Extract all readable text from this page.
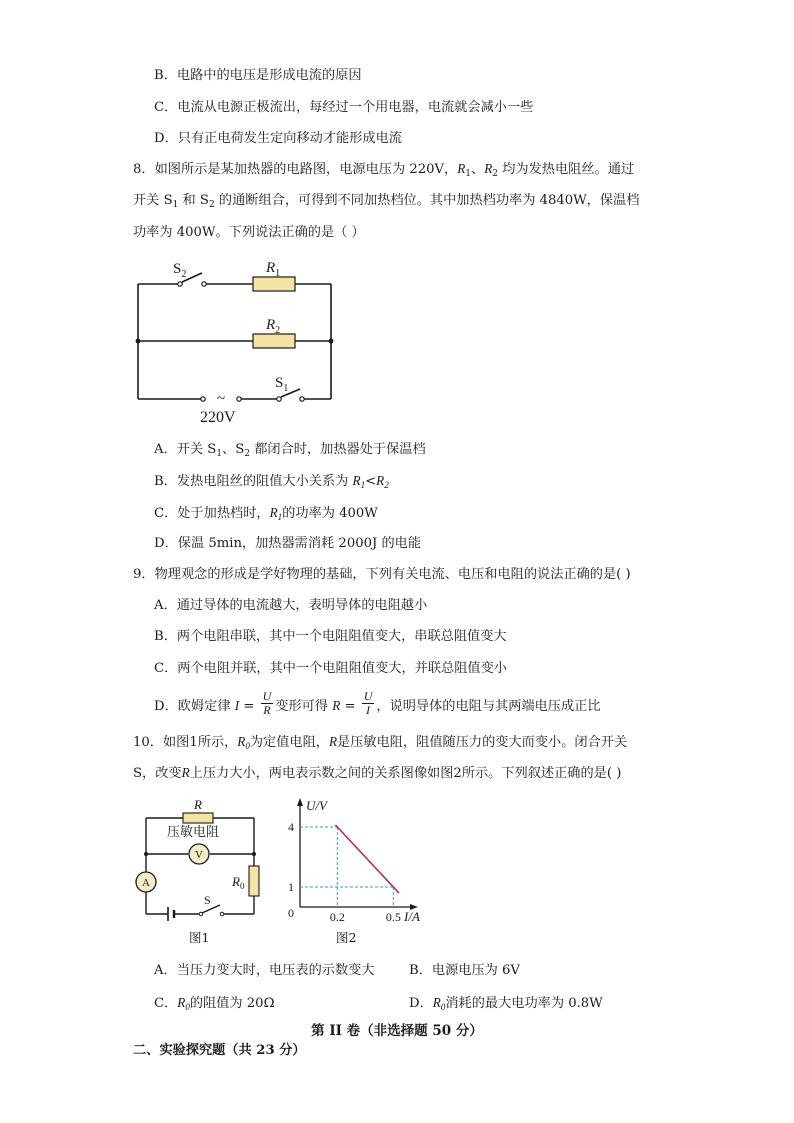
B．电路中的电压是形成电流的原因
C．电流从电源正极流出，每经过一个用电器，电流就会减小一些
D．只有正电荷发生定向移动才能形成电流
8．如图所示是某加热器的电路图，电源电压为 220V，$R_1$、$R_2$ 均为发热电阻丝。通过
开关 $S_1$ 和 $S_2$ 的通断组合，可得到不同加热档位。其中加热档功率为 4840W，保温档
功率为 400W。下列说法正确的是（ ）
~
$S_2$	$R_1$
$R_2$
$S_1$
220V
A．开关 $S_1$、$S_2$ 都闭合时，加热器处于保温档
B．发热电阻丝的阻值大小关系为 $R_1<R_2$
C．处于加热档时，$R_1$的功率为 400W
D．保温 5min，加热器需消耗 2000J 的电能
9．物理观念的形成是学好物理的基础，下列有关电流、电压和电阻的说法正确的是( )
A．通过导体的电流越大，表明导体的电阻越小
B．两个电阻串联，其中一个电阻阻值变大，串联总阻值变大
C．两个电阻并联，其中一个电阻阻值变大，并联总阻值变小
D．欧姆定律 $I = \frac{U}{R}$ 变形可得 $R = \frac{U}{I}$ ，说明导体的电阻与其两端电压成正比
10．如图1所示，$R_0$为定值电阻，R是压敏电阻，阻值随压力的变大而变小。闭合开关
S，改变R上压力大小，两电表示数之间的关系图像如图2所示。下列叙述正确的是( )
R
压敏电阻
V
A	$R_0$
S
图1
0.2	0.5
4
1
0
U/V
I/A
图2
A．当压力变大时，电压表的示数变大	B．电源电压为 6V
C．$R_0$的阻值为 20Ω	D．$R_0$消耗的最大电功率为 0.8W
第 II 卷（非选择题 50 分）
二、实验探究题（共 23 分）
